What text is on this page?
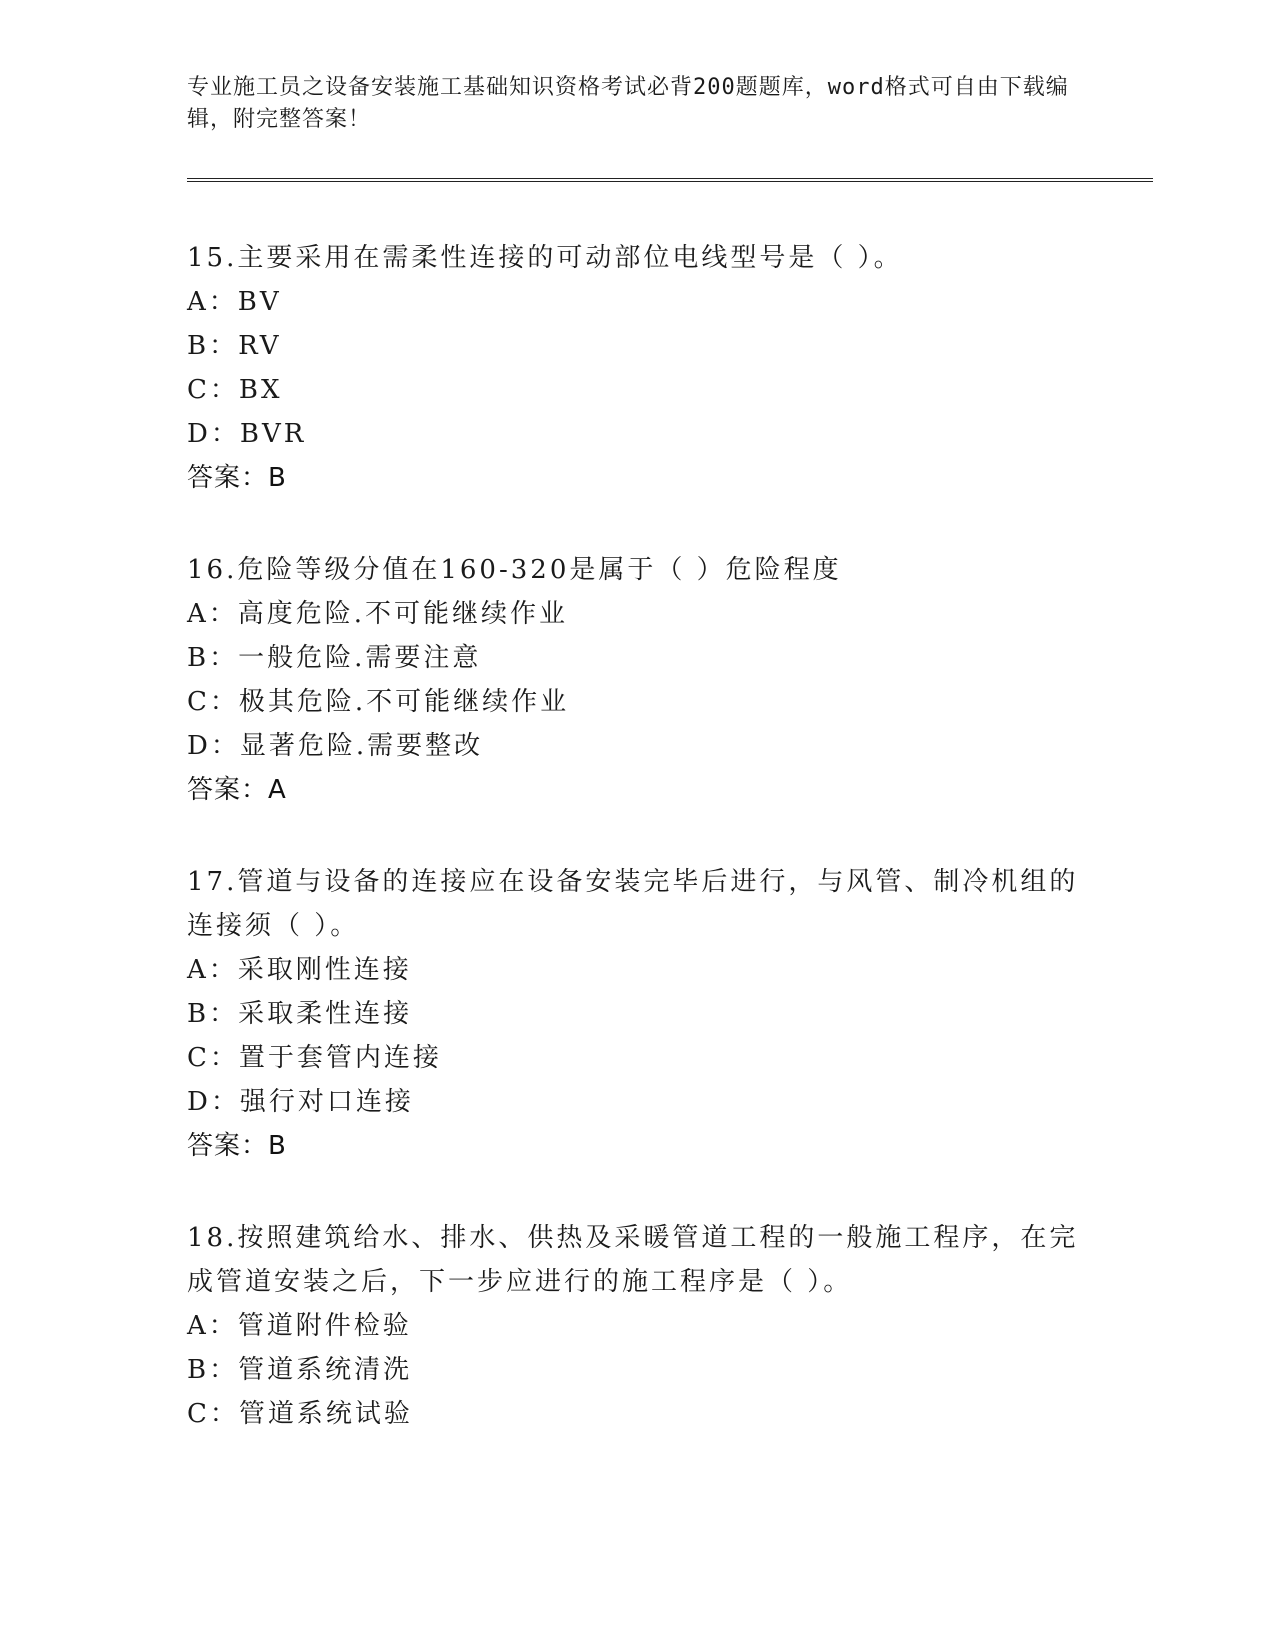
专业施工员之设备安装施工基础知识资格考试必背200题题库，word格式可自由下载编辑，附完整答案！
15.主要采用在需柔性连接的可动部位电线型号是（ ）。
A：BV
B：RV
C：BX
D：BVR
答案：B
16.危险等级分值在160-320是属于（ ）危险程度
A：高度危险.不可能继续作业
B：一般危险.需要注意
C：极其危险.不可能继续作业
D：显著危险.需要整改
答案：A
17.管道与设备的连接应在设备安装完毕后进行，与风管、制冷机组的连接须（ ）。
A：采取刚性连接
B：采取柔性连接
C：置于套管内连接
D：强行对口连接
答案：B
18.按照建筑给水、排水、供热及采暖管道工程的一般施工程序，在完成管道安装之后，下一步应进行的施工程序是（ ）。
A：管道附件检验
B：管道系统清洗
C：管道系统试验
